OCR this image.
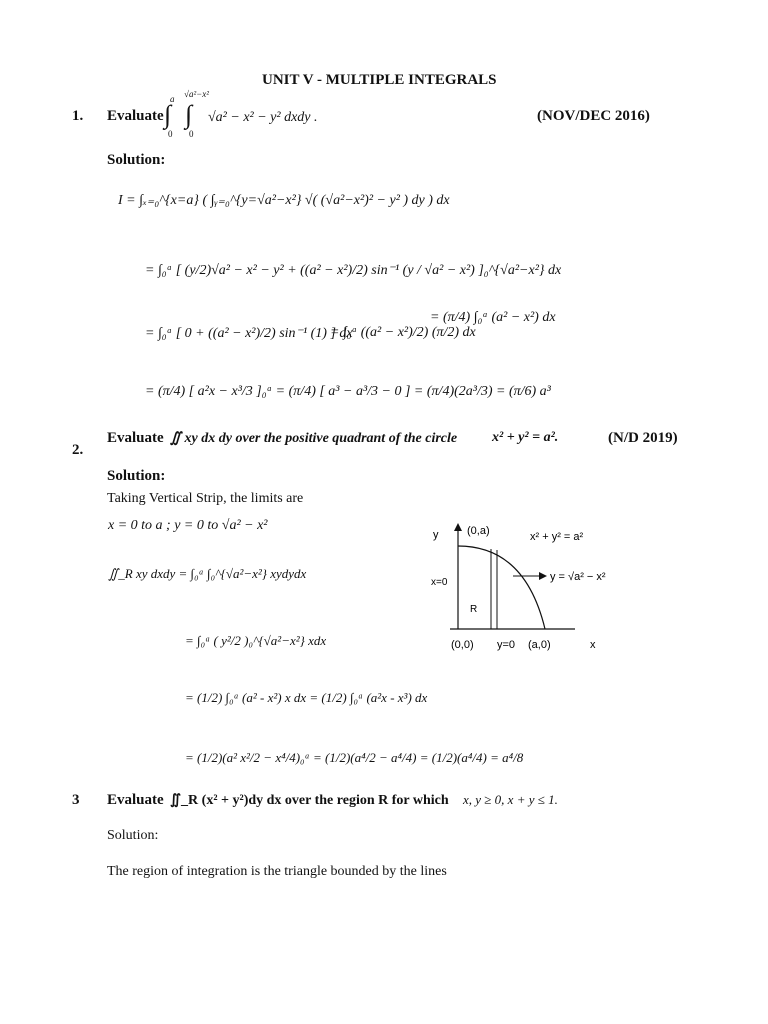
UNIT V - MULTIPLE INTEGRALS
1. Evaluate ∫ ∫
a √a²−x²
0 0
√a² − x² − y² dxdy .	(NOV/DEC 2016)
Solution:
I = ∫ₓ₌₀^{x=a} ( ∫ᵧ₌₀^{y=√a²−x²} √( (√a²−x²)² − y² ) dy ) dx
= ∫₀ᵃ [ (y/2)√a² − x² − y² + ((a² − x²)/2) sin⁻¹ (y / √a² − x²) ]₀^{√a²−x²} dx
= ∫₀ᵃ [ 0 + ((a² − x²)/2) sin⁻¹ (1) ] dx
= ∫₀ᵃ ((a² − x²)/2) (π/2) dx
= (π/4) ∫₀ᵃ (a² − x²) dx
= (π/4) [ a²x − x³/3 ]₀ᵃ = (π/4) [ a³ − a³/3 − 0 ] = (π/4)(2a³/3) = (π/6) a³
2.
Evaluate ∬ xy dx dy over the positive quadrant of the circle x² + y² = a².	(N/D 2019)
Solution:
Taking Vertical Strip, the limits are
x = 0 to a ; y = 0 to √a² − x²
∬_R xy dxdy = ∫₀ᵃ ∫₀^{√a²−x²} xydydx
= ∫₀ᵃ ( y²/2 )₀^{√a²−x²} xdx
= (1/2) ∫₀ᵃ (a² - x²) x dx = (1/2) ∫₀ᵃ (a²x - x³) dx
= (1/2)(a² x²/2 − x⁴/4)₀ᵃ = (1/2)(a⁴/2 − a⁴/4) = (1/2)(a⁴/4) = a⁴/8
y
x
(0,a)	x² + y² = a²
y = √a² − x²
x=0
R
(0,0) y=0 (a,0)
3 Evaluate ∬_R (x² + y²)dy dx over the region R for which x, y ≥ 0, x + y ≤ 1.
Solution:
The region of integration is the triangle bounded by the lines
